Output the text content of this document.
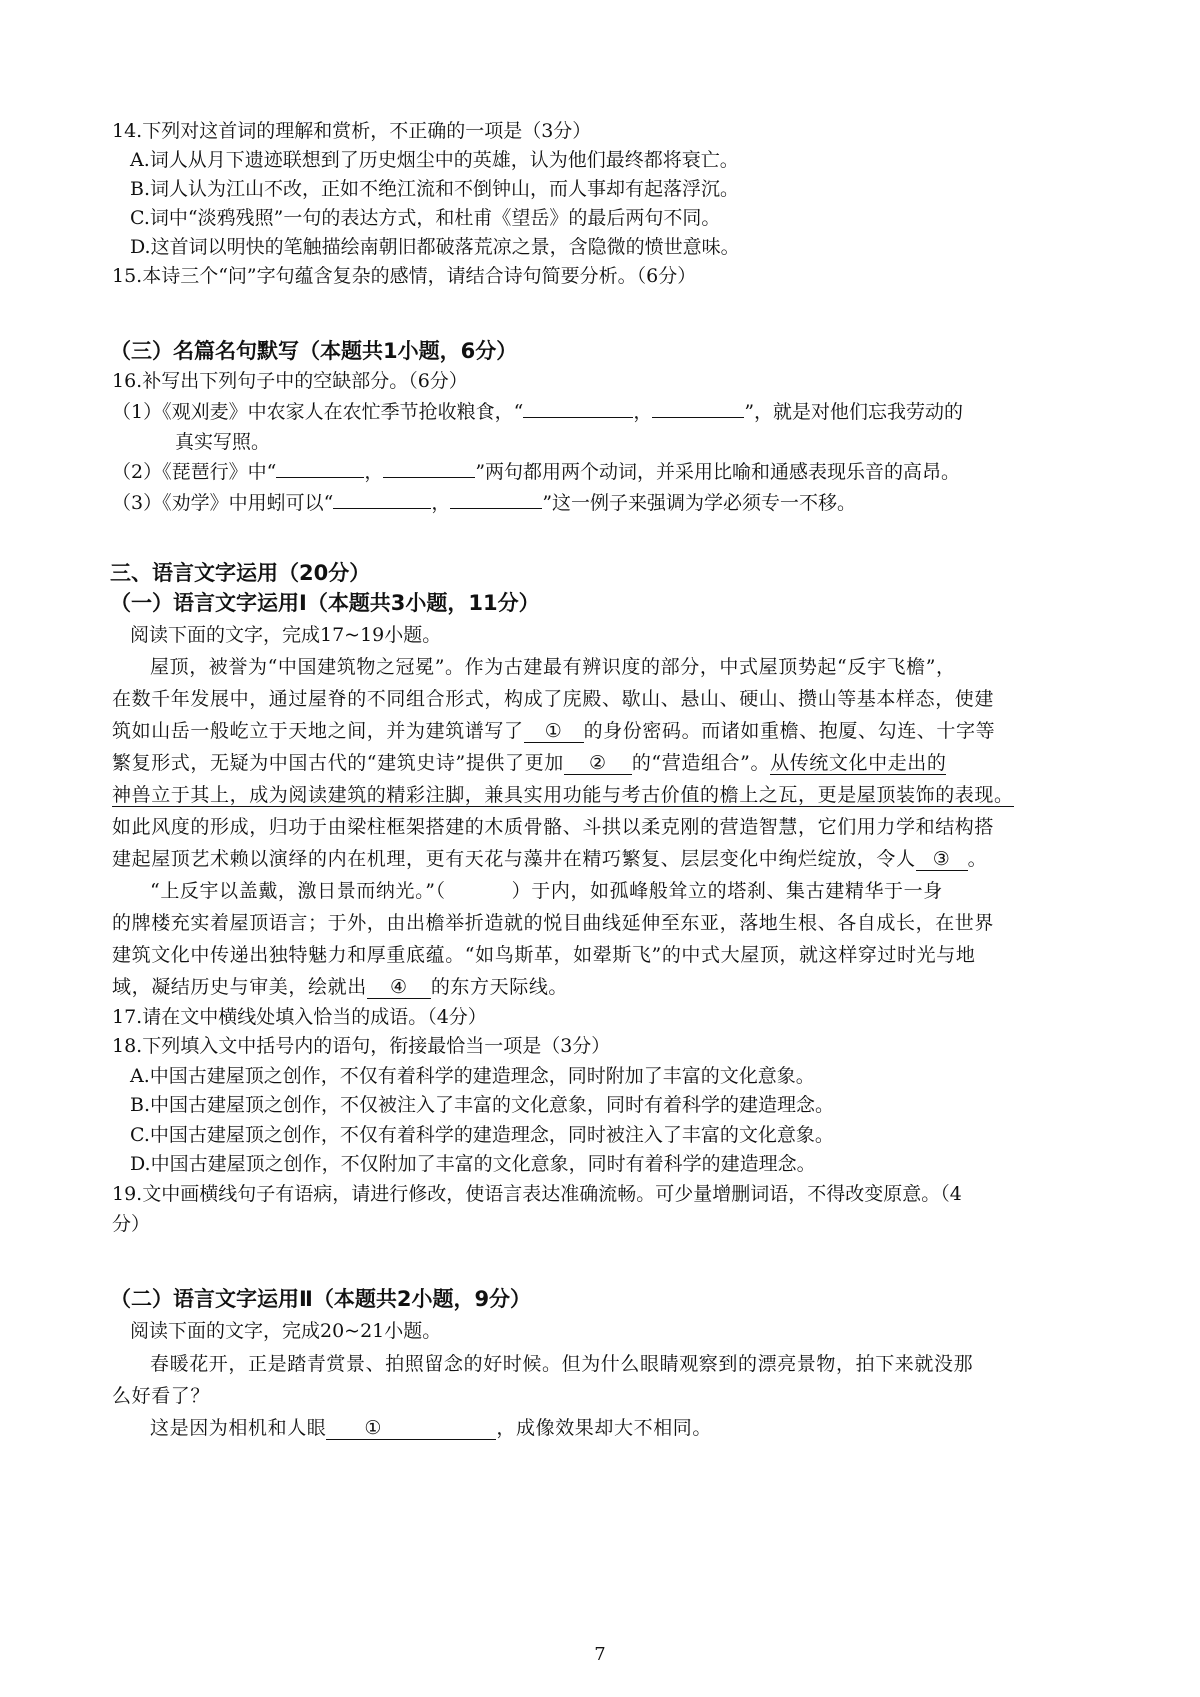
14.下列对这首词的理解和赏析，不正确的一项是（3分）
A.词人从月下遗迹联想到了历史烟尘中的英雄，认为他们最终都将衰亡。
B.词人认为江山不改，正如不绝江流和不倒钟山，而人事却有起落浮沉。
C.词中“淡鸦残照”一句的表达方式，和杜甫《望岳》的最后两句不同。
D.这首词以明快的笔触描绘南朝旧都破落荒凉之景，含隐微的愤世意味。
15.本诗三个“问”字句蕴含复杂的感情，请结合诗句简要分析。（6分）
（三）名篇名句默写（本题共1小题，6分）
16.补写出下列句子中的空缺部分。（6分）
（1）《观刈麦》中农家人在农忙季节抢收粮食，“	，	”，就是对他们忘我劳动的
真实写照。
（2）《琵琶行》中“	，	”两句都用两个动词，并采用比喻和通感表现乐音的高昂。
（3）《劝学》中用蚓可以“	，	”这一例子来强调为学必须专一不移。
三、语言文字运用（20分）
（一）语言文字运用Ⅰ（本题共3小题，11分）
阅读下面的文字，完成17~19小题。
屋顶，被誉为“中国建筑物之冠冕”。作为古建最有辨识度的部分，中式屋顶势起“反宇飞檐”，
在数千年发展中，通过屋脊的不同组合形式，构成了庑殿、歇山、悬山、硬山、攒山等基本样态，使建
筑如山岳一般屹立于天地之间，并为建筑谱写了 ① 的身份密码。而诸如重檐、抱厦、勾连、十字等
繁复形式，无疑为中国古代的“建筑史诗”提供了更加 ② 的“营造组合”。从传统文化中走出的
神兽立于其上，成为阅读建筑的精彩注脚，兼具实用功能与考古价值的檐上之瓦，更是屋顶装饰的表现。
如此风度的形成，归功于由梁柱框架搭建的木质骨骼、斗拱以柔克刚的营造智慧，它们用力学和结构搭
建起屋顶艺术赖以演绎的内在机理，更有天花与藻井在精巧繁复、层层变化中绚烂绽放，令人 ③ 。
“上反宇以盖戴，激日景而纳光。”（	）于内，如孤峰般耸立的塔刹、集古建精华于一身
的牌楼充实着屋顶语言；于外，由出檐举折造就的悦目曲线延伸至东亚，落地生根、各自成长，在世界
建筑文化中传递出独特魅力和厚重底蕴。“如鸟斯革，如翚斯飞”的中式大屋顶，就这样穿过时光与地
域，凝结历史与审美，绘就出 ④ 的东方天际线。
17.请在文中横线处填入恰当的成语。（4分）
18.下列填入文中括号内的语句，衔接最恰当一项是（3分）
A.中国古建屋顶之创作，不仅有着科学的建造理念，同时附加了丰富的文化意象。
B.中国古建屋顶之创作，不仅被注入了丰富的文化意象，同时有着科学的建造理念。
C.中国古建屋顶之创作，不仅有着科学的建造理念，同时被注入了丰富的文化意象。
D.中国古建屋顶之创作，不仅附加了丰富的文化意象，同时有着科学的建造理念。
19.文中画横线句子有语病，请进行修改，使语言表达准确流畅。可少量增删词语，不得改变原意。（4
分）
（二）语言文字运用Ⅱ（本题共2小题，9分）
阅读下面的文字，完成20~21小题。
春暖花开，正是踏青赏景、拍照留念的好时候。但为什么眼睛观察到的漂亮景物，拍下来就没那
么好看了？
这是因为相机和人眼 ①	，成像效果却大不相同。
7
